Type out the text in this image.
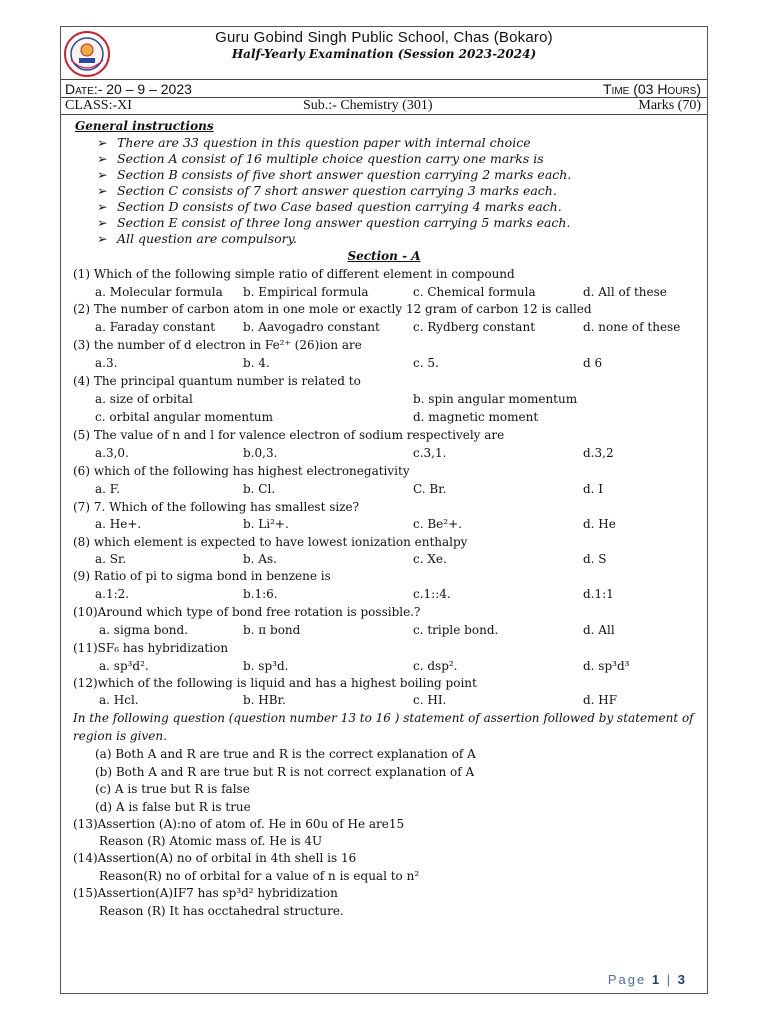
Guru Gobind Singh Public School, Chas (Bokaro)
Half-Yearly Examination (Session 2023-2024)
Date:- 20 – 9 – 2023	Time (03 Hours)
CLASS:-XI	Sub.:- Chemistry (301)	Marks (70)
General instructions
➢ There are 33 question in this question paper with internal choice
➢ Section A consist of 16 multiple choice question carry one marks is
➢ Section B consists of five short answer question carrying 2 marks each.
➢ Section C consists of 7 short answer question carrying 3 marks each.
➢ Section D consists of two Case based question carrying 4 marks each.
➢ Section E consist of three long answer question carrying 5 marks each.
➢ All question are compulsory.
Section - A
(1) Which of the following simple ratio of different element in compound
a. Molecular formula b. Empirical formula	c. Chemical formula	d. All of these
(2) The number of carbon atom in one mole or exactly 12 gram of carbon 12 is called
a. Faraday constant b. Aavogadro constant	c. Rydberg constant	d. none of these
(3) the number of d electron in Fe²⁺ (26)ion are
a.3.	b. 4.	c. 5.	d 6
(4) The principal quantum number is related to
a. size of orbital	b. spin angular momentum
c. orbital angular momentum	d. magnetic moment
(5) The value of n and l for valence electron of sodium respectively are
a.3,0.	b.0,3.	c.3,1.	d.3,2
(6) which of the following has highest electronegativity
a. F.	b. Cl.	C. Br.	d. I
(7) 7. Which of the following has smallest size?
a. He+.	b. Li²+.	c. Be²+.	d. He
(8) which element is expected to have lowest ionization enthalpy
a. Sr.	b. As.	c. Xe.	d. S
(9) Ratio of pi to sigma bond in benzene is
a.1:2.	b.1:6.	c.1::4.	d.1:1
(10)Around which type of bond free rotation is possible.?
a. sigma bond.	b. π bond	c. triple bond.	d. All
(11)SF₆ has hybridization
a. sp³d².	b. sp³d.	c. dsp².	d. sp³d³
(12)which of the following is liquid and has a highest boiling point
a. Hcl.	b. HBr.	c. HI.	d. HF
In the following question (question number 13 to 16 ) statement of assertion followed by statement of
region is given.
(a) Both A and R are true and R is the correct explanation of A
(b) Both A and R are true but R is not correct explanation of A
(c) A is true but R is false
(d) A is false but R is true
(13)Assertion (A):no of atom of. He in 60u of He are15
Reason (R) Atomic mass of. He is 4U
(14)Assertion(A) no of orbital in 4th shell is 16
Reason(R) no of orbital for a value of n is equal to n²
(15)Assertion(A)IF7 has sp³d² hybridization
Reason (R) It has occtahedral structure.
Page 1 | 3
